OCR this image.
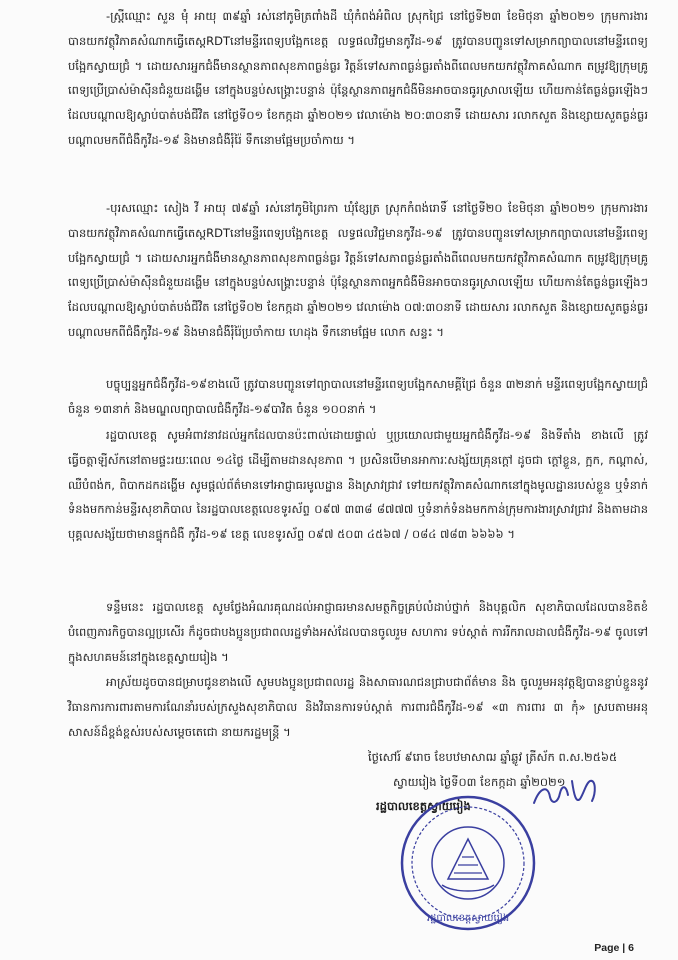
-ស្ត្រីឈ្មោះ សួន មុំ អាយុ ៣៩ឆ្នាំ រស់នៅភូមិត្រពាំងដី ឃុំកំពង់អំពិល ស្រុកជ្រៃ នៅថ្ងៃទី២៣ ខែមិថុនា ឆ្នាំ២០២១ ក្រុមការងារបានយកវត្ថុវិភាគសំណាកធ្វើតេស្តRDTនៅមន្ទីរពេទ្យបង្អែកខេត្ត លទ្ធផលវិជ្ជមានកូវីដ-១៩ ត្រូវបានបញ្ជូនទៅសម្រាកព្យាបាលនៅមន្ទីរពេទ្យបង្អែកស្វាយជ្រំ ។ ដោយសារអ្នកជំងឺមានស្ថានភាពសុខភាពធ្ងន់ធ្ងរ វិត្តន៍ទៅសភាពធ្ងន់ធ្ងរតាំងពីពេលមកយកវត្ថុវិភាគសំណាក តម្រូវឱ្យក្រុមគ្រូពេទ្យប្រើប្រាស់ម៉ាស៊ីនជំនួយដង្ហើម នៅក្នុងបន្ទប់សង្គ្រោះបន្ទាន់ ប៉ុន្តែស្ថានភាពអ្នកជំងឺមិនអាចបានធូរស្រាលឡើយ ហើយកាន់តែធ្ងន់ធ្ងរឡើងៗ ដែលបណ្តាលឱ្យស្លាប់បាត់បង់ជីវិត នៅថ្ងៃទី០១ ខែកក្កដា ឆ្នាំ២០២១ វេលាម៉ោង ២០:៣០នាទី ដោយសារ រលាកសួត និងខ្សោយសួតធ្ងន់ធ្ងរបណ្តាលមកពីជំងឺកូវីដ-១៩ និងមានជំងឺរុំរ៉ៃ ទឹកនោមផ្អែមប្រចាំកាយ ។

-បុរសឈ្មោះ សៀង វី អាយុ ៧៩ឆ្នាំ រស់នៅភូមិព្រៃរកា ឃុំខ្សែត្រ ស្រុកកំពង់រោទិ៍ នៅថ្ងៃទី២០ ខែមិថុនា ឆ្នាំ២០២១ ក្រុមការងារបានយកវត្ថុវិភាគសំណាកធ្វើតេស្តRDTនៅមន្ទីរពេទ្យបង្អែកខេត្ត លទ្ធផលវិជ្ជមានកូវីដ-១៩ ត្រូវបានបញ្ជូនទៅសម្រាកព្យាបាលនៅមន្ទីរពេទ្យបង្អែកស្វាយជ្រំ ។ ដោយសារអ្នកជំងឺមានស្ថានភាពសុខភាពធ្ងន់ធ្ងរ វិត្តន៍ទៅសភាពធ្ងន់ធ្ងរតាំងពីពេលមកយកវត្ថុវិភាគសំណាក តម្រូវឱ្យក្រុមគ្រូពេទ្យប្រើប្រាស់ម៉ាស៊ីនជំនួយដង្ហើម នៅក្នុងបន្ទប់សង្គ្រោះបន្ទាន់ ប៉ុន្តែស្ថានភាពអ្នកជំងឺមិនអាចបានធូរស្រាលឡើយ ហើយកាន់តែធ្ងន់ធ្ងរឡើងៗ ដែលបណ្តាលឱ្យស្លាប់បាត់បង់ជីវិត នៅថ្ងៃទី០២ ខែកក្កដា ឆ្នាំ២០២១ វេលាម៉ោង ០៧:៣០នាទី ដោយសារ រលាកសួត និងខ្សោយសួតធ្ងន់ធ្ងរបណ្តាលមកពីជំងឺកូវីដ-១៩ និងមានជំងឺរុំរ៉ៃប្រចាំកាយ ហេដុង ទឹកនោមផ្អែម លោក សន្ទះ ។

បច្ចុប្បន្នអ្នកជំងឺកូវីដ-១៩ខាងលើ ត្រូវបានបញ្ជូនទៅព្យាបាលនៅមន្ទីរពេទ្យបង្អែកសាមគ្គីជ្រៃ ចំនួន ៣២នាក់ មន្ទីរពេទ្យបង្អែកស្វាយជ្រំ ចំនួន ១៣នាក់ និងមណ្ឌលព្យាបាលជំងឺកូវីដ-១៩បាវិត ចំនួន ១០០នាក់ ។

រដ្ឋបាលខេត្ត សូមអំពាវនាវដល់អ្នកដែលបានប៉ះពាល់ដោយផ្ទាល់ ឬប្រយោលជាមួយអ្នកជំងឺកូវីដ-១៩ និងទីតាំង ខាងលើ ត្រូវធ្វើចត្តាឡីស័កនៅតាមផ្ទះរយៈពេល ១៤ថ្ងៃ ដើម្បីតាមដានសុខភាព ។ ប្រសិនបើមានអាការៈសង្ស័យគ្រុនក្តៅ ដូចជា ក្តៅខ្លួន, ក្អក, កណ្តាស់, ឈឺបំពង់ក, ពិបាកដកដង្ហើម សូមផ្តល់ព័ត៌មានទៅអាជ្ញាធរមូលដ្ឋាន និងស្រាវជ្រាវ ទៅយកវត្ថុវិភាគសំណាកនៅក្នុងមូលដ្ឋានរបស់ខ្លួន ឬទំនាក់ទំនងមកកាន់មន្ទីរសុខាភិបាល នៃរដ្ឋបាលខេត្តលេខទូរស័ព្ទ ០៩៧ ៣៣៨ ៨៧៧៧ ឬទំនាក់ទំនងមកកាន់ក្រុមការងារស្រាវជ្រាវ និងតាមដានបុគ្គលសង្ស័យថាមានផ្ទុកជំងឺ កូវីដ-១៩ ខេត្ត លេខទូរស័ព្ទ ០៩៧ ៥០៣ ៤៥៦៧ / ០៨៤ ៧៨៣ ៦៦៦៦ ។

ទន្ទឹមនេះ រដ្ឋបាលខេត្ត សូមថ្លែងអំណរគុណដល់អាជ្ញាធរមានសមត្ថកិច្ចគ្រប់លំដាប់ថ្នាក់ និងបុគ្គលិក សុខាភិបាលដែលបានខិតខំបំពេញភារកិច្ចបានល្អប្រសើរ ក៏ដូចជាបងប្អូនប្រជាពលរដ្ឋទាំងអស់ដែលបានចូលរួម សហការ ទប់ស្កាត់ ការរីករាលដាលជំងឺកូវីដ-១៩ ចូលទៅក្នុងសហគមន៍នៅក្នុងខេត្តស្វាយរៀង ។

អាស្រ័យដូចបានជម្រាបជូនខាងលើ សូមបងប្អូនប្រជាពលរដ្ឋ និងសាធារណជនជ្រាបជាព័ត៌មាន និង ចូលរួមអនុវត្តឱ្យបានខ្ជាប់ខ្ជួននូវវិធានការការពារតាមការណែនាំរបស់ក្រសួងសុខាភិបាល និងវិធានការទប់ស្កាត់ ការពារជំងឺកូវីដ-១៩ «៣ ការពារ ៣ កុំ» ស្របតាមអនុសាសន៍ដ៏ខ្ពង់ខ្ពស់របស់សម្តេចតេជោ នាយករដ្ឋមន្ត្រី ។

ថ្ងៃសៅរ៍ ៩រោច ខែបឋមាសាឍ ឆ្នាំឆ្លូវ ត្រីស័ក ព.ស.២៥៦៥
ស្វាយរៀង ថ្ងៃទី០៣ ខែកក្កដា ឆ្នាំ២០២១
រដ្ឋបាលខេត្តស្វាយរៀង
រដ្ឋបាលខេត្តស្វាយរៀង
Page | 6
